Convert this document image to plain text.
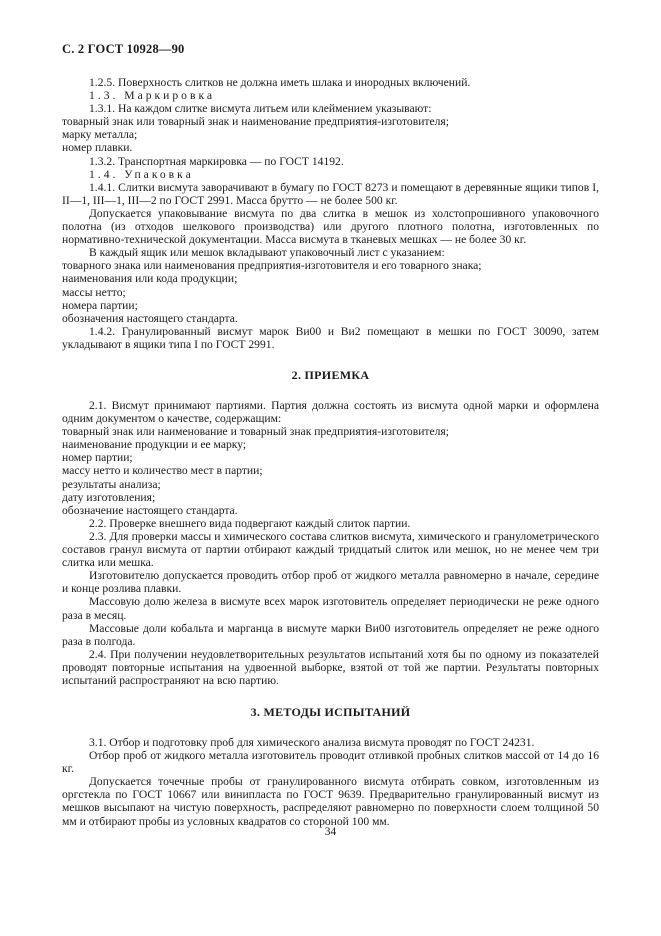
С. 2 ГОСТ 10928—90

1.2.5. Поверхность слитков не должна иметь шлака и инородных включений.

1.3. Маркировка

1.3.1. На каждом слитке висмута литьем или клеймением указывают:

товарный знак или товарный знак и наименование предприятия-изготовителя;

марку металла;

номер плавки.

1.3.2. Транспортная маркировка — по ГОСТ 14192.

1.4. Упаковка

1.4.1. Слитки висмута заворачивают в бумагу по ГОСТ 8273 и помещают в деревянные ящики типов I, II—1, III—1, III—2 по ГОСТ 2991. Масса брутто — не более 500 кг.

Допускается упаковывание висмута по два слитка в мешок из холстопрошивного упаковочного полотна (из отходов шелкового производства) или другого плотного полотна, изготовленных по нормативно-технической документации. Масса висмута в тканевых мешках — не более 30 кг.

В каждый ящик или мешок вкладывают упаковочный лист с указанием:

товарного знака или наименования предприятия-изготовителя и его товарного знака;

наименования или кода продукции;

массы нетто;

номера партии;

обозначения настоящего стандарта.

1.4.2. Гранулированный висмут марок Ви00 и Ви2 помещают в мешки по ГОСТ 30090, затем укладывают в ящики типа I по ГОСТ 2991.

2. ПРИЕМКА

2.1. Висмут принимают партиями. Партия должна состоять из висмута одной марки и оформлена одним документом о качестве, содержащим:

товарный знак или наименование и товарный знак предприятия-изготовителя;

наименование продукции и ее марку;

номер партии;

массу нетто и количество мест в партии;

результаты анализа;

дату изготовления;

обозначение настоящего стандарта.

2.2. Проверке внешнего вида подвергают каждый слиток партии.

2.3. Для проверки массы и химического состава слитков висмута, химического и гранулометрического составов гранул висмута от партии отбирают каждый тридцатый слиток или мешок, но не менее чем три слитка или мешка.

Изготовителю допускается проводить отбор проб от жидкого металла равномерно в начале, середине и конце розлива плавки.

Массовую долю железа в висмуте всех марок изготовитель определяет периодически не реже одного раза в месяц.

Массовые доли кобальта и марганца в висмуте марки Ви00 изготовитель определяет не реже одного раза в полгода.

2.4. При получении неудовлетворительных результатов испытаний хотя бы по одному из показателей проводят повторные испытания на удвоенной выборке, взятой от той же партии. Результаты повторных испытаний распространяют на всю партию.

3. МЕТОДЫ ИСПЫТАНИЙ

3.1. Отбор и подготовку проб для химического анализа висмута проводят по ГОСТ 24231.

Отбор проб от жидкого металла изготовитель проводит отливкой пробных слитков массой от 14 до 16 кг.

Допускается точечные пробы от гранулированного висмута отбирать совком, изготовленным из оргстекла по ГОСТ 10667 или винипласта по ГОСТ 9639. Предварительно гранулированный висмут из мешков высыпают на чистую поверхность, распределяют равномерно по поверхности слоем толщиной 50 мм и отбирают пробы из условных квадратов со стороной 100 мм.

34
